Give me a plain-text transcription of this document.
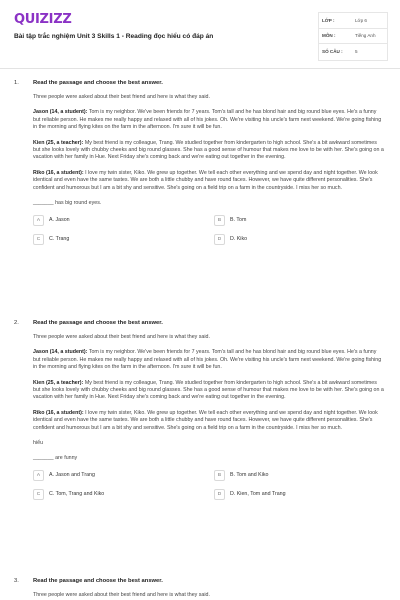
QUIZIZZ
Bài tập trắc nghiệm Unit 3 Skills 1 - Reading đọc hiểu có đáp án
LỚP :	Lớp 6
MÔN :	Tiếng Anh
SỐ CÂU :	5
1. Read the passage and choose the best answer.
Three people were asked about their best friend and here is what they said.
Jason (14, a student): Tom is my neighbor. We've been friends for 7 years. Tom's tall and he has blond hair and big round blue eyes. He's a funny but reliable person. He makes me really happy and relaxed with all of his jokes. Oh. We're visiting his uncle's farm next weekend. We're going fishing in the morning and flying kites on the farm in the afternoon. I'm sure it will be fun.
Kien (25, a teacher): My best friend is my colleague, Trang. We studied together from kindergarten to high school. She's a bit awkward sometimes but she looks lovely with chubby cheeks and big round glasses. She has a good sense of humour that makes me love to be with her. She's going on a vacation with her family in Hue. Next Friday she's coming back and we're eating out together in the evening.
Riko (16, a student): I love my twin sister, Kiko. We grew up together. We tell each other everything and we spend day and night together. We look identical and even have the same tastes. We are both a little chubby and have round faces. However, we have quite different personalities. She's confident and humorous but I am a bit shy and sensitive. She's going on a field trip on a farm in the countryside. I miss her so much.
_______ has big round eyes.
A	A. Jason	B	B. Tom
C	C. Trang	D	D. Kiko
2. Read the passage and choose the best answer.
Three people were asked about their best friend and here is what they said.
Jason (14, a student): Tom is my neighbor. We've been friends for 7 years. Tom's tall and he has blond hair and big round blue eyes. He's a funny but reliable person. He makes me really happy and relaxed with all of his jokes. Oh. We're visiting his uncle's farm next weekend. We're going fishing in the morning and flying kites on the farm in the afternoon. I'm sure it will be fun.
Kien (25, a teacher): My best friend is my colleague, Trang. We studied together from kindergarten to high school. She's a bit awkward sometimes but she looks lovely with chubby cheeks and big round glasses. She has a good sense of humour that makes me love to be with her. She's going on a vacation with her family in Hue. Next Friday she's coming back and we're eating out together in the evening.
Riko (16, a student): I love my twin sister, Kiko. We grew up together. We tell each other everything and we spend day and night together. We look identical and even have the same tastes. We are both a little chubby and have round faces. However, we have quite different personalities. She's confident and humorous but I am a bit shy and sensitive. She's going on a field trip on a farm in the countryside. I miss her so much.
hiểu
_______ are funny
A	A. Jason and Trang	B	B. Tom and Kiko
C	C. Tom, Trang and Kiko	D	D. Kien, Tom and Trang
3. Read the passage and choose the best answer.
Three people were asked about their best friend and here is what they said.
